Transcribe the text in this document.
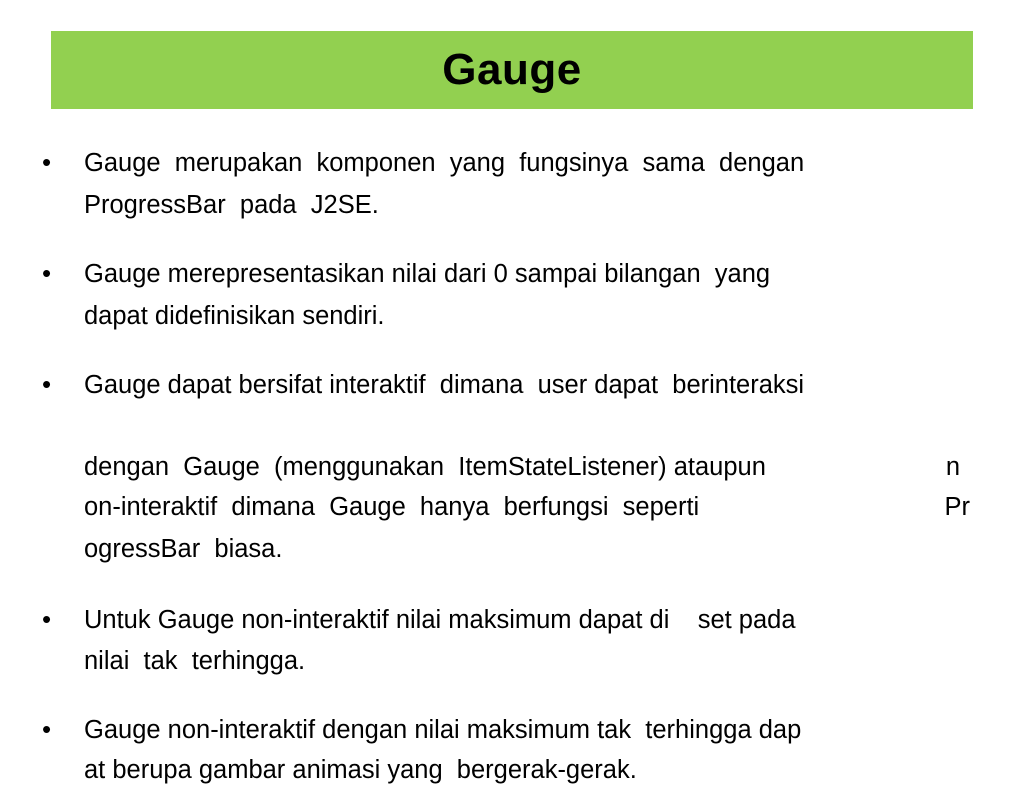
Gauge
• Gauge  merupakan  komponen  yang  fungsinya  sama  dengan
ProgressBar  pada  J2SE.
• Gauge merepresentasikan nilai dari 0 sampai bilangan  yang
dapat didefinisikan sendiri.
• Gauge dapat bersifat interaktif  dimana  user dapat  berinteraksi
dengan  Gauge  (menggunakan  ItemStateListener) ataupun	n
on-interaktif  dimana  Gauge  hanya  berfungsi  seperti	Pr
ogressBar  biasa.
• Untuk Gauge non-interaktif nilai maksimum dapat di    set pada
nilai  tak  terhingga.
• Gauge non-interaktif dengan nilai maksimum tak  terhingga dap
at berupa gambar animasi yang  bergerak-gerak.
